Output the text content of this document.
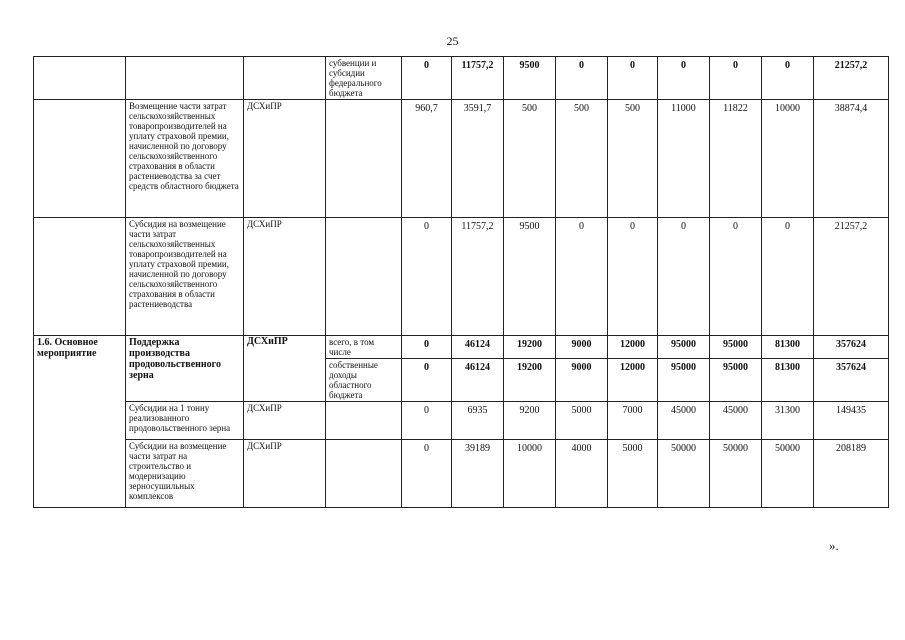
25
			субвенции и субсидии федерального бюджета	0	11757,2	9500	0	0	0	0	0	21257,2
	Возмещение части затрат сельскохозяйственных товаропроизводителей на уплату страховой премии, начисленной по договору сельскохозяйственного страхования в области растениеводства за счет средств областного бюджета	ДСХиПР		960,7	3591,7	500	500	500	11000	11822	10000	38874,4
	Субсидия на возмещение части затрат сельскохозяйственных товаропроизводителей на уплату страховой премии, начисленной по договору сельскохозяйственного страхования в области растениеводства	ДСХиПР		0	11757,2	9500	0	0	0	0	0	21257,2
1.6. Основное мероприятие	Поддержка производства продовольственного зерна	ДСХиПР	всего, в том числе	0	46124	19200	9000	12000	95000	95000	81300	357624
			собственные доходы областного бюджета	0	46124	19200	9000	12000	95000	95000	81300	357624
	Субсидии на 1 тонну реализованного продовольственного зерна	ДСХиПР		0	6935	9200	5000	7000	45000	45000	31300	149435
	Субсидии на возмещение части затрат на строительство и модернизацию зерносушильных комплексов	ДСХиПР		0	39189	10000	4000	5000	50000	50000	50000	208189
».
